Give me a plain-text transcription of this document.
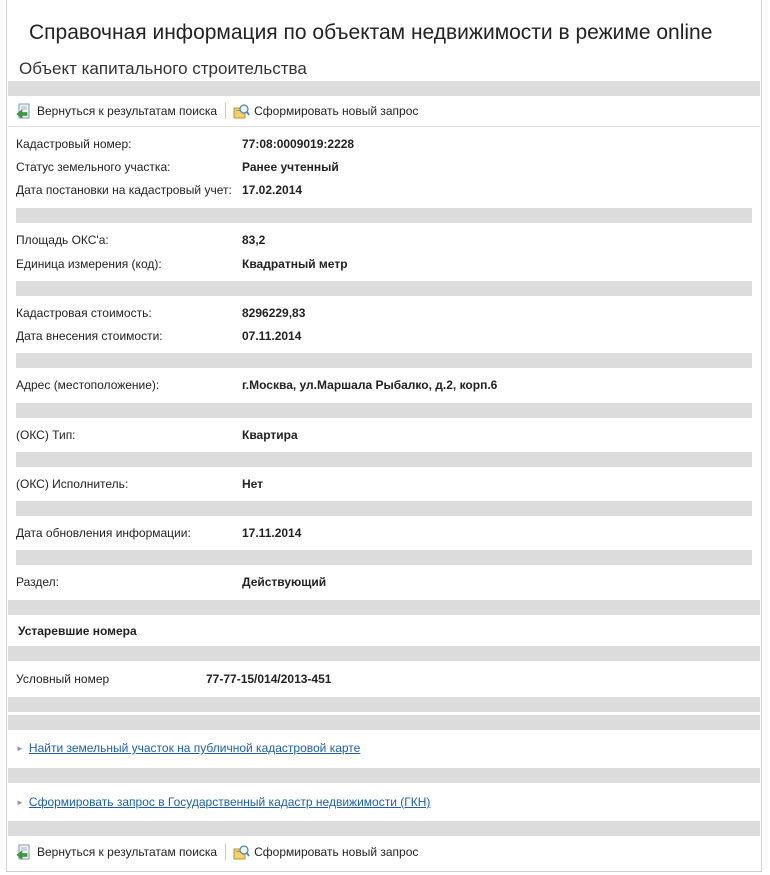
Справочная информация по объектам недвижимости в режиме online
Объект капитального строительства
Вернуться к результатам поиска	Сформировать новый запрос
Кадастровый номер:	77:08:0009019:2228
Статус земельного участка:	Ранее учтенный
Дата постановки на кадастровый учет: 17.02.2014
Площадь ОКС'а:	83,2
Единица измерения (код):	Квадратный метр
Кадастровая стоимость:	8296229,83
Дата внесения стоимости:	07.11.2014
Адрес (местоположение):	г.Москва, ул.Маршала Рыбалко, д.2, корп.6
(ОКС) Тип:	Квартира
(ОКС) Исполнитель:	Нет
Дата обновления информации:	17.11.2014
Раздел:	Действующий
Устаревшие номера
Условный номер	77-77-15/014/2013-451
► Найти земельный участок на публичной кадастровой карте
► Сформировать запрос в Государственный кадастр недвижимости (ГКН)
Вернуться к результатам поиска	Сформировать новый запрос
